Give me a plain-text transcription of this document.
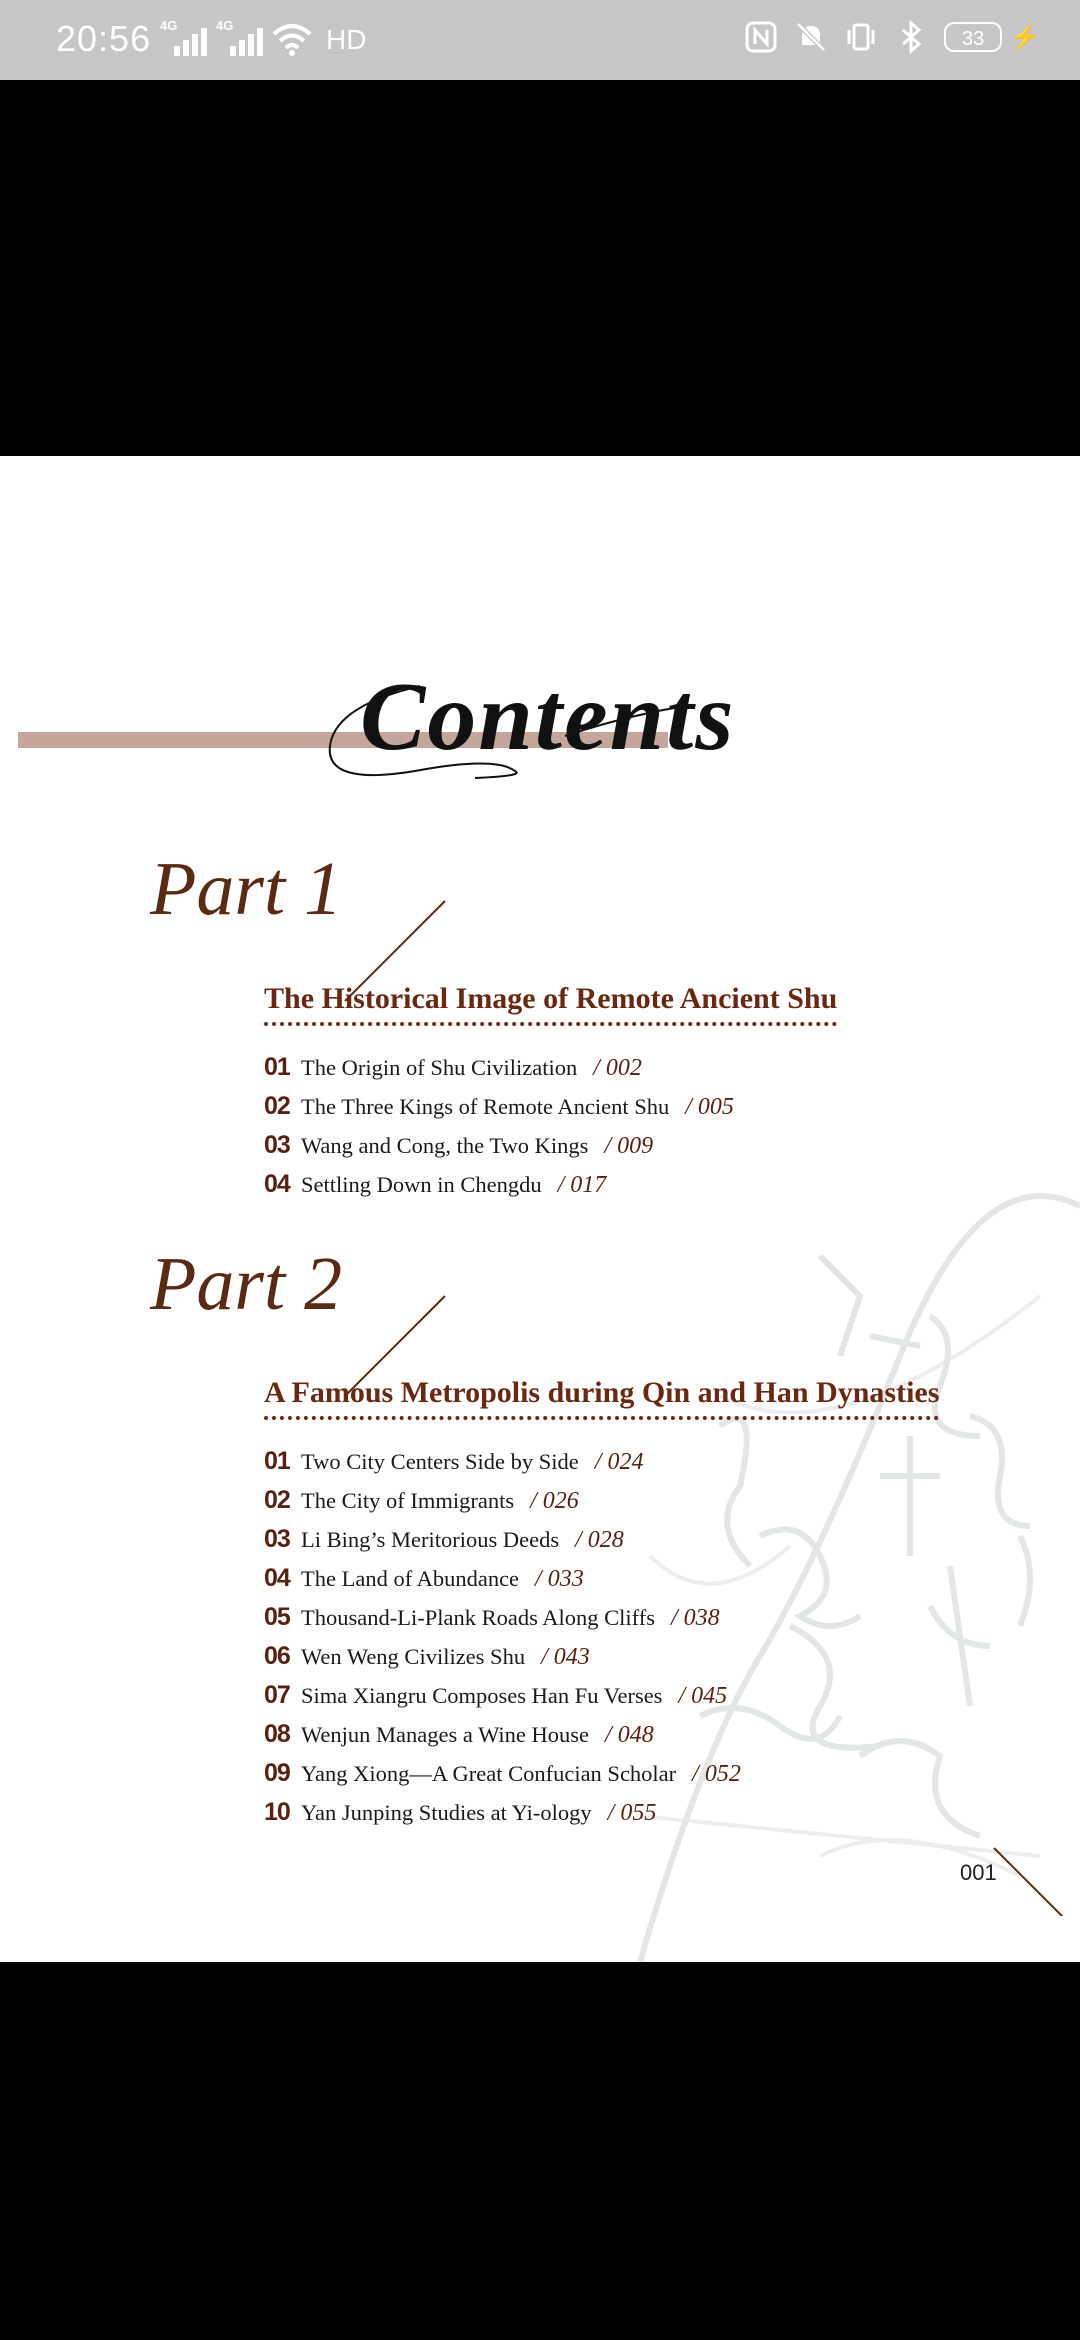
20:56 4G	4G	HD	33	⚡
Contents
Part 1
The Historical Image of Remote Ancient Shu
01 The Origin of Shu Civilization / 002
02 The Three Kings of Remote Ancient Shu / 005
03 Wang and Cong, the Two Kings / 009
04 Settling Down in Chengdu / 017
Part 2
A Famous Metropolis during Qin and Han Dynasties
01 Two City Centers Side by Side / 024
02 The City of Immigrants / 026
03 Li Bing’s Meritorious Deeds / 028
04 The Land of Abundance / 033
05 Thousand-Li-Plank Roads Along Cliffs / 038
06 Wen Weng Civilizes Shu / 043
07 Sima Xiangru Composes Han Fu Verses / 045
08 Wenjun Manages a Wine House / 048
09 Yang Xiong—A Great Confucian Scholar / 052
10 Yan Junping Studies at Yi-ology / 055
001
